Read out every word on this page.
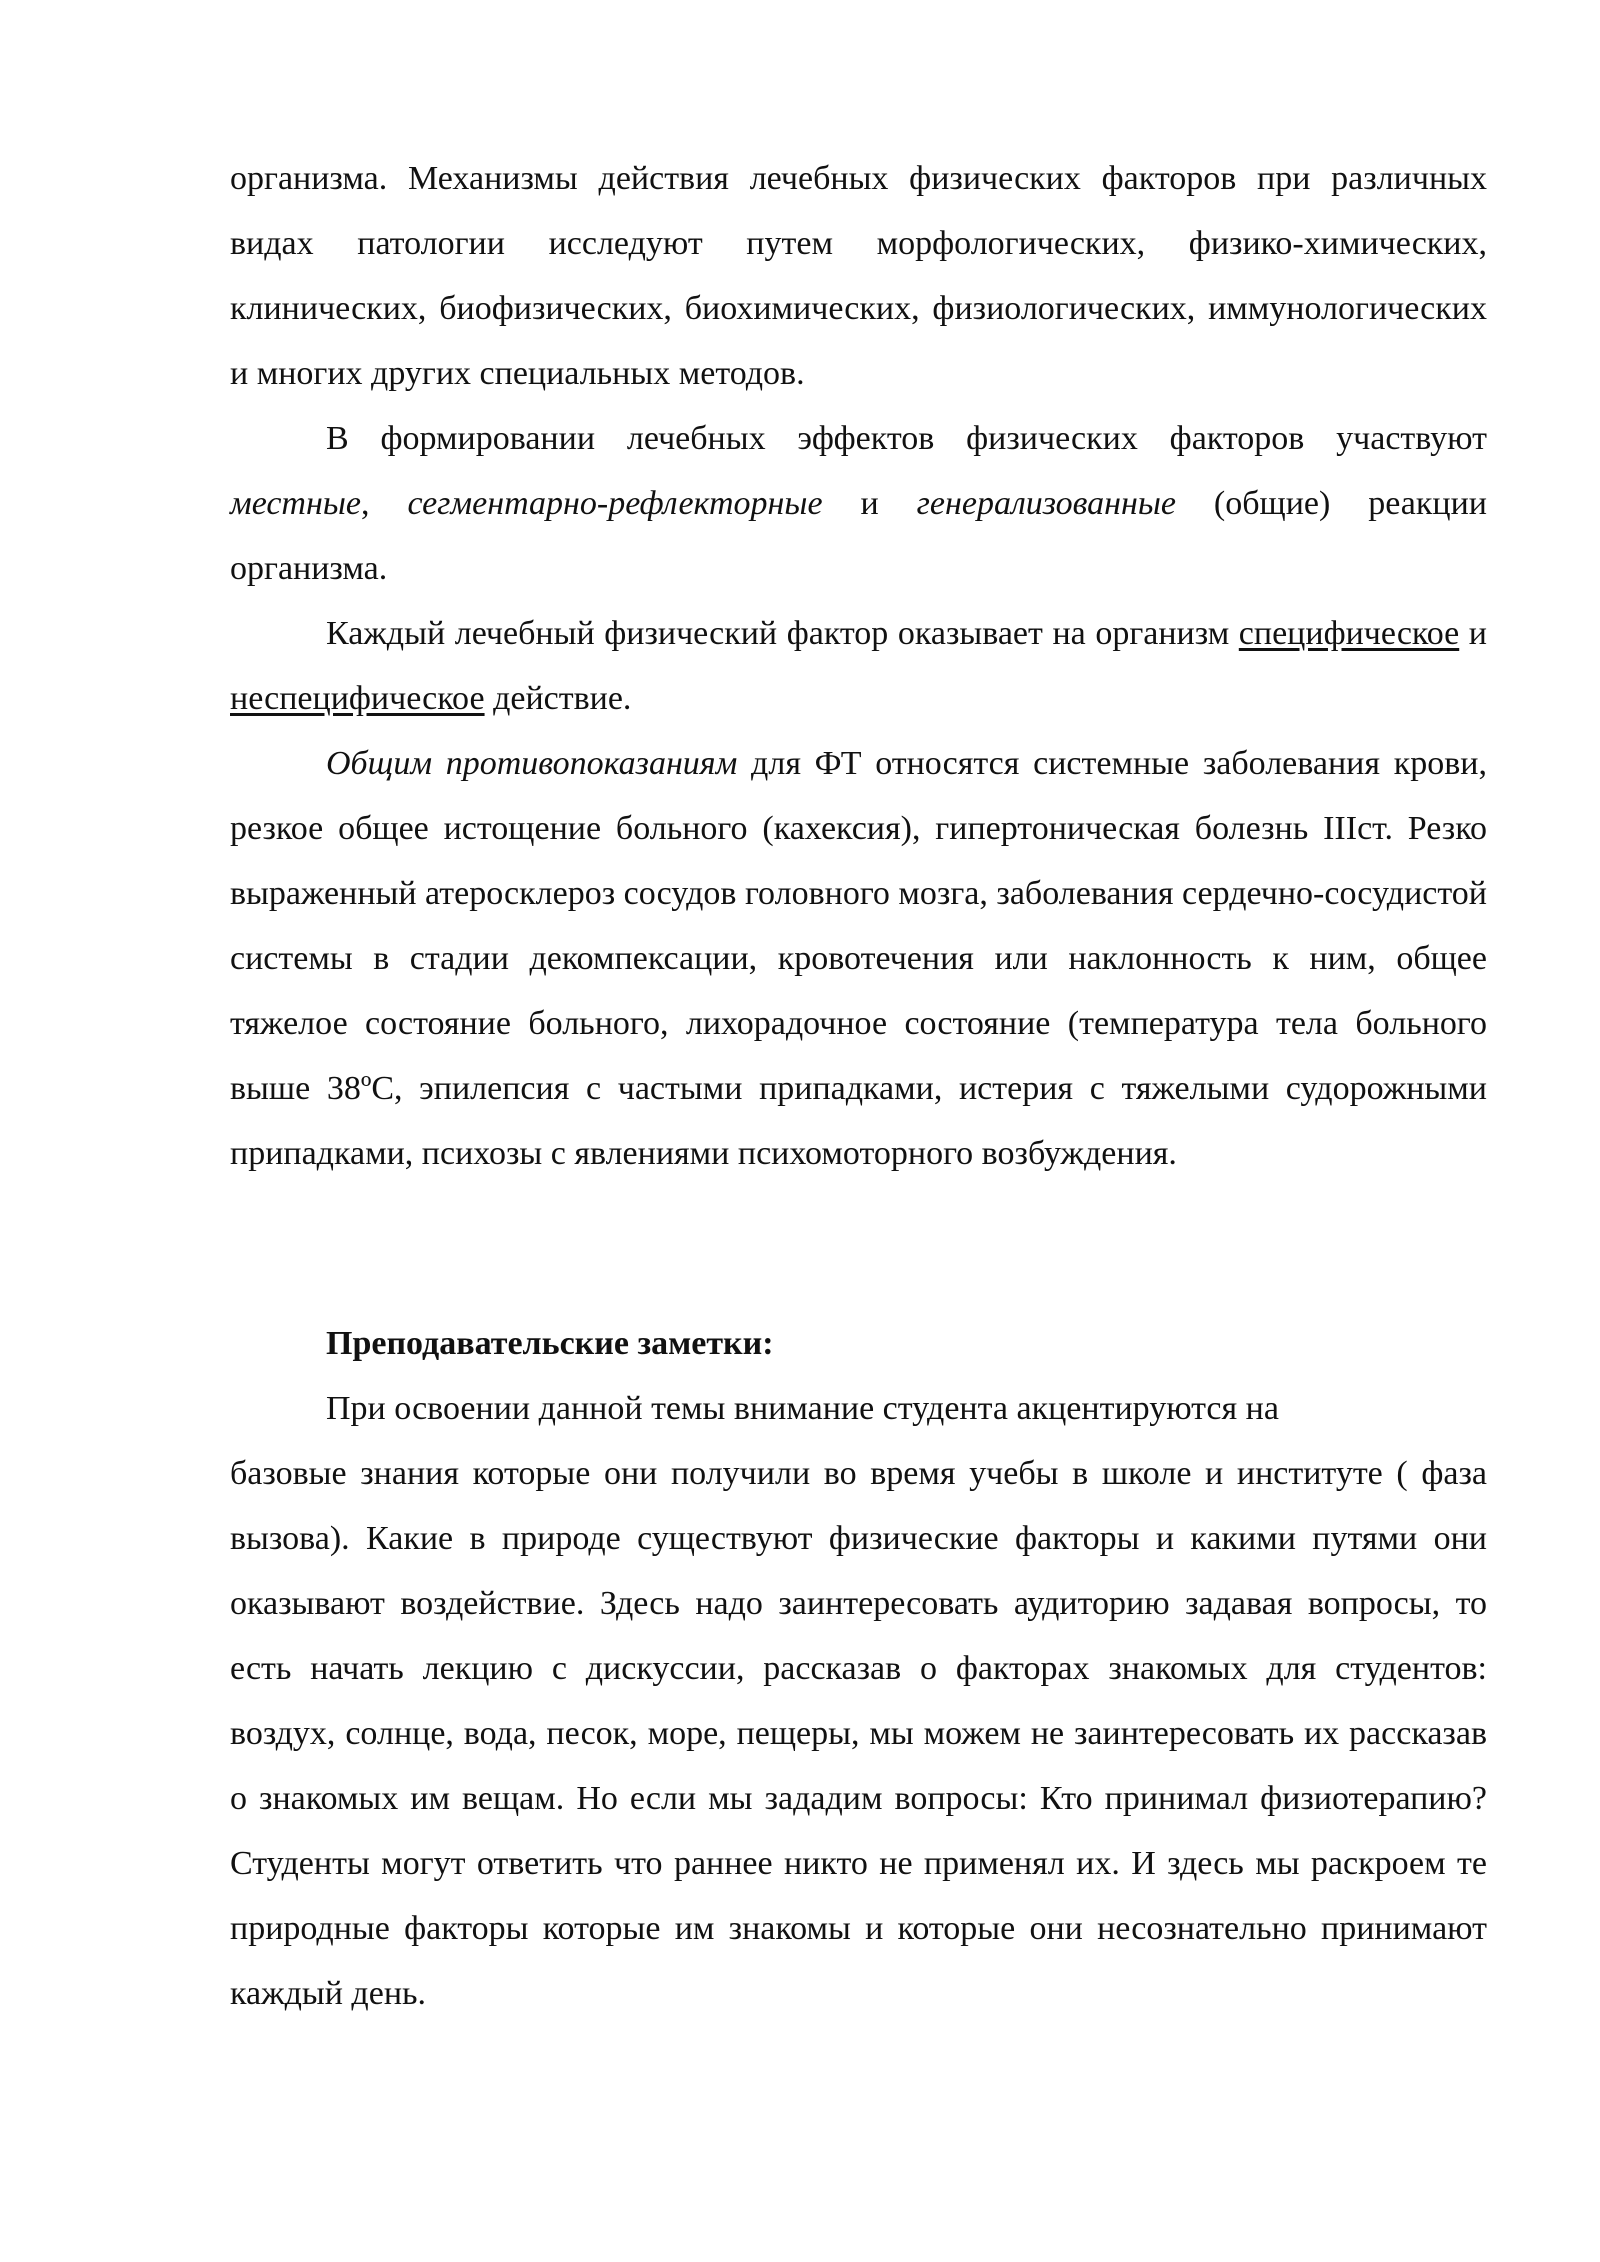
организма. Механизмы действия лечебных физических факторов при различных видах патологии исследуют путем морфологических, физико-химических, клинических, биофизических, биохимических, физиологических, иммунологических и многих других специальных методов.

В формировании лечебных эффектов физических факторов участвуют местные, сегментарно-рефлекторные и генерализованные (общие) реакции организма.

Каждый лечебный физический фактор оказывает на организм специфическое и неспецифическое действие.

Общим противопоказаниям для ФТ относятся системные заболевания крови, резкое общее истощение больного (кахексия), гипертоническая болезнь IIIст. Резко выраженный атеросклероз сосудов головного мозга, заболевания сердечно-сосудистой системы в стадии декомпексации, кровотечения или наклонность к ним, общее тяжелое состояние больного, лихорадочное состояние (температура тела больного выше 38ºC, эпилепсия с частыми припадками, истерия с тяжелыми судорожными припадками, психозы с явлениями психомоторного возбуждения.

Преподавательские заметки:

При освоении данной темы внимание студента акцентируются на

базовые знания которые они получили во время учебы в школе и институте ( фаза вызова). Какие в природе существуют физические факторы и какими путями они оказывают воздействие. Здесь надо заинтересовать аудиторию задавая вопросы, то есть начать лекцию с дискуссии, рассказав о факторах знакомых для студентов: воздух, солнце, вода, песок, море, пещеры, мы можем не заинтересовать их рассказав о знакомых им вещам. Но если мы зададим вопросы: Кто принимал физиотерапию? Студенты могут ответить что раннее никто не применял их. И здесь мы раскроем те природные факторы которые им знакомы и которые они несознательно принимают каждый день.
